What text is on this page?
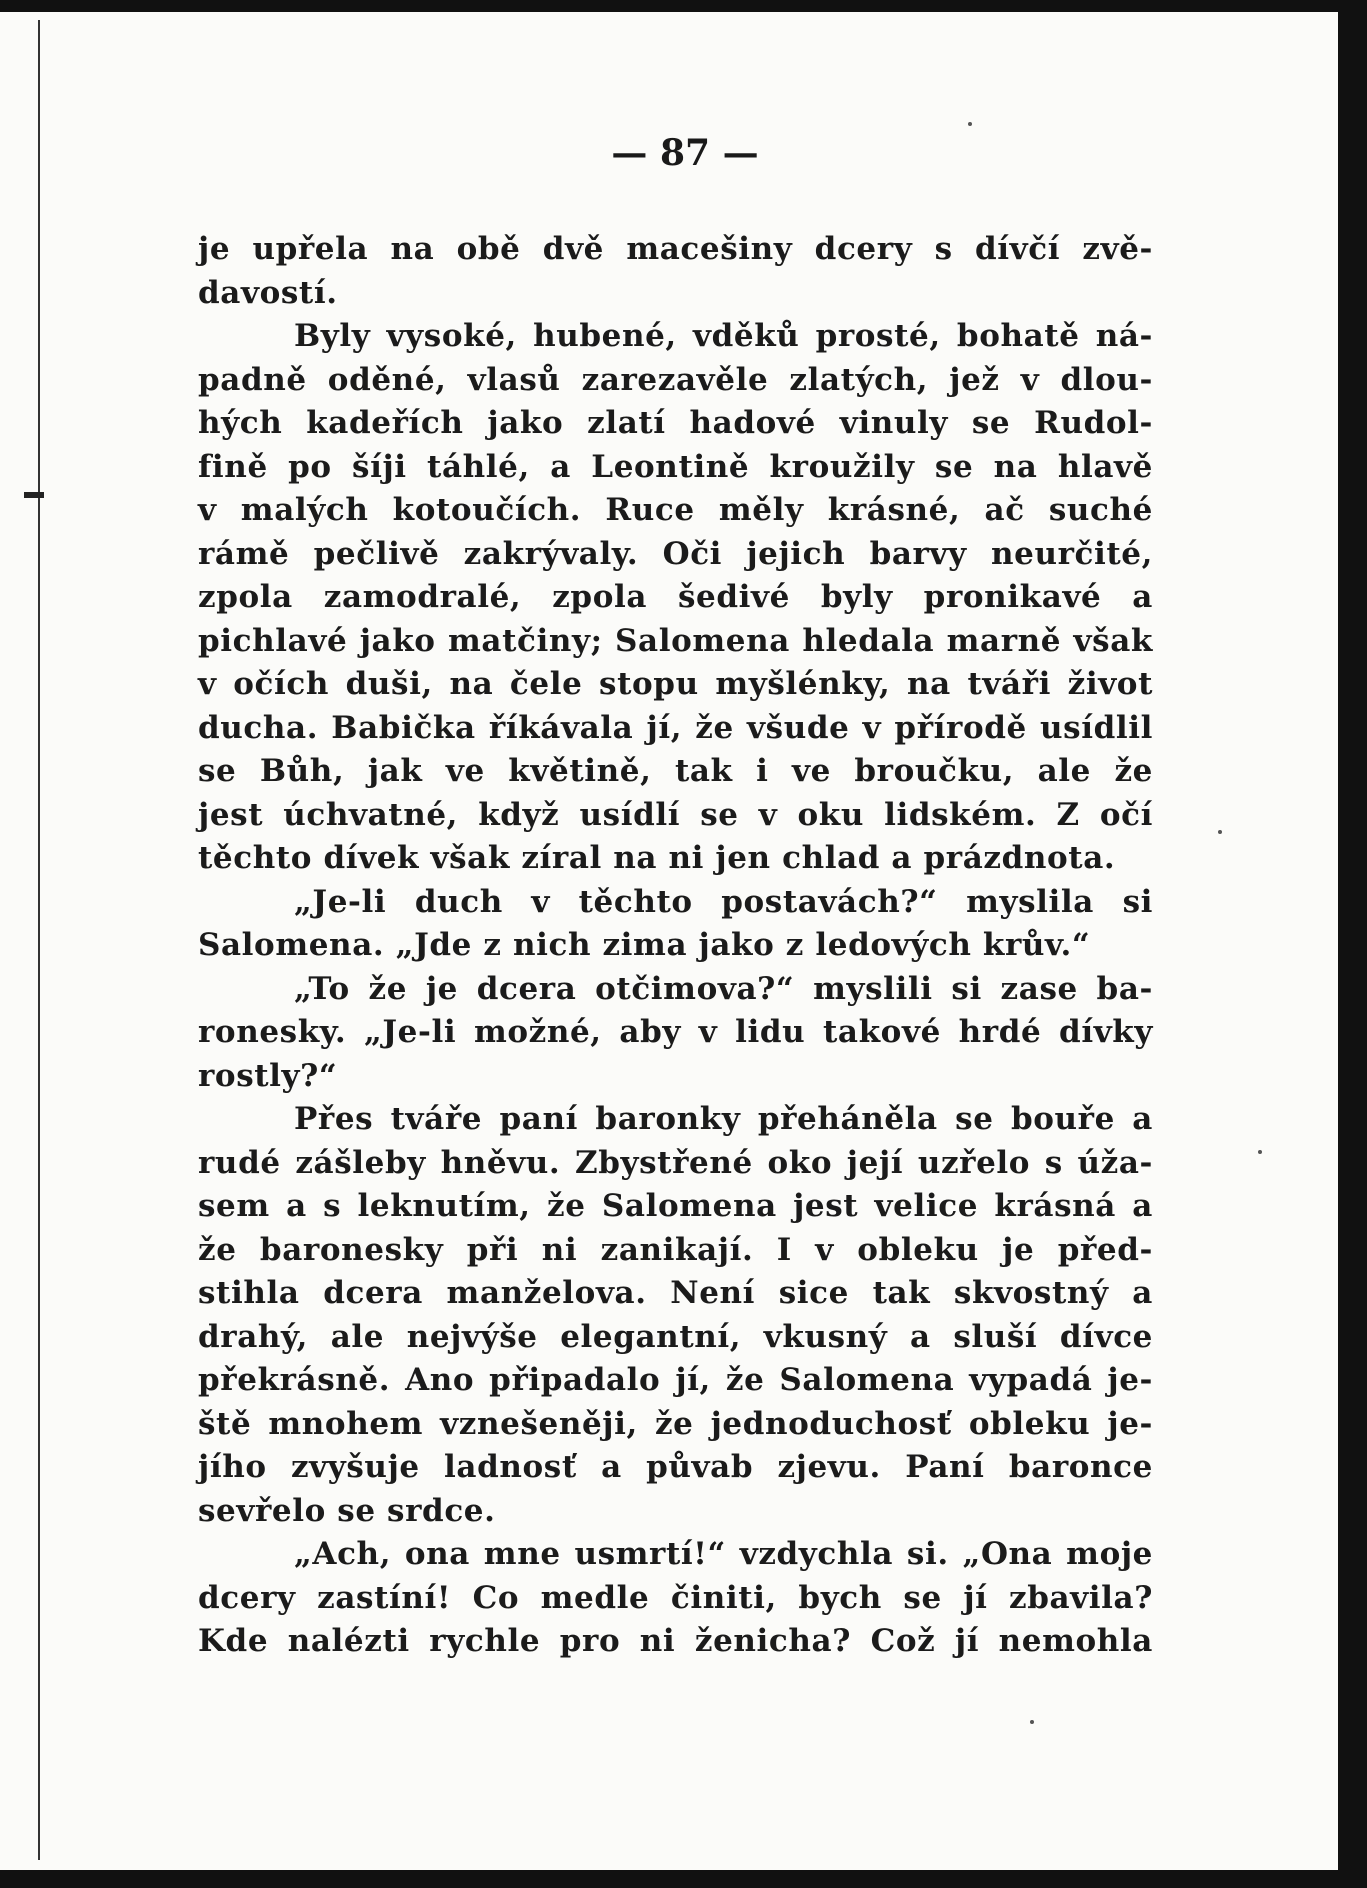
— 87 —
je upřela na obě dvě macešiny dcery s dívčí zvě-
davostí.
Byly vysoké, hubené, vděků prosté, bohatě ná-
padně oděné, vlasů zarezavěle zlatých, jež v dlou-
hých kadeřích jako zlatí hadové vinuly se Rudol-
fině po šíji táhlé, a Leontině kroužily se na hlavě
v malých kotoučích. Ruce měly krásné, ač suché
rámě pečlivě zakrývaly. Oči jejich barvy neurčité,
zpola zamodralé, zpola šedivé byly pronikavé a
pichlavé jako matčiny; Salomena hledala marně však
v očích duši, na čele stopu myšlénky, na tváři život
ducha. Babička říkávala jí, že všude v přírodě usídlil
se Bůh, jak ve květině, tak i ve broučku, ale že
jest úchvatné, když usídlí se v oku lidském. Z očí
těchto dívek však zíral na ni jen chlad a prázdnota.
„Je-li duch v těchto postavách?“ myslila si
Salomena. „Jde z nich zima jako z ledových krův.“
„To že je dcera otčimova?“ myslili si zase ba-
ronesky. „Je-li možné, aby v lidu takové hrdé dívky
rostly?“
Přes tváře paní baronky přeháněla se bouře a
rudé zášleby hněvu. Zbystřené oko její uzřelo s úža-
sem a s leknutím, že Salomena jest velice krásná a
že baronesky při ni zanikají. I v obleku je před-
stihla dcera manželova. Není sice tak skvostný a
drahý, ale nejvýše elegantní, vkusný a sluší dívce
překrásně. Ano připadalo jí, že Salomena vypadá je-
ště mnohem vznešeněji, že jednoduchosť obleku je-
jího zvyšuje ladnosť a půvab zjevu. Paní baronce
sevřelo se srdce.
„Ach, ona mne usmrtí!“ vzdychla si. „Ona moje
dcery zastíní! Co medle činiti, bych se jí zbavila?
Kde nalézti rychle pro ni ženicha? Což jí nemohla
